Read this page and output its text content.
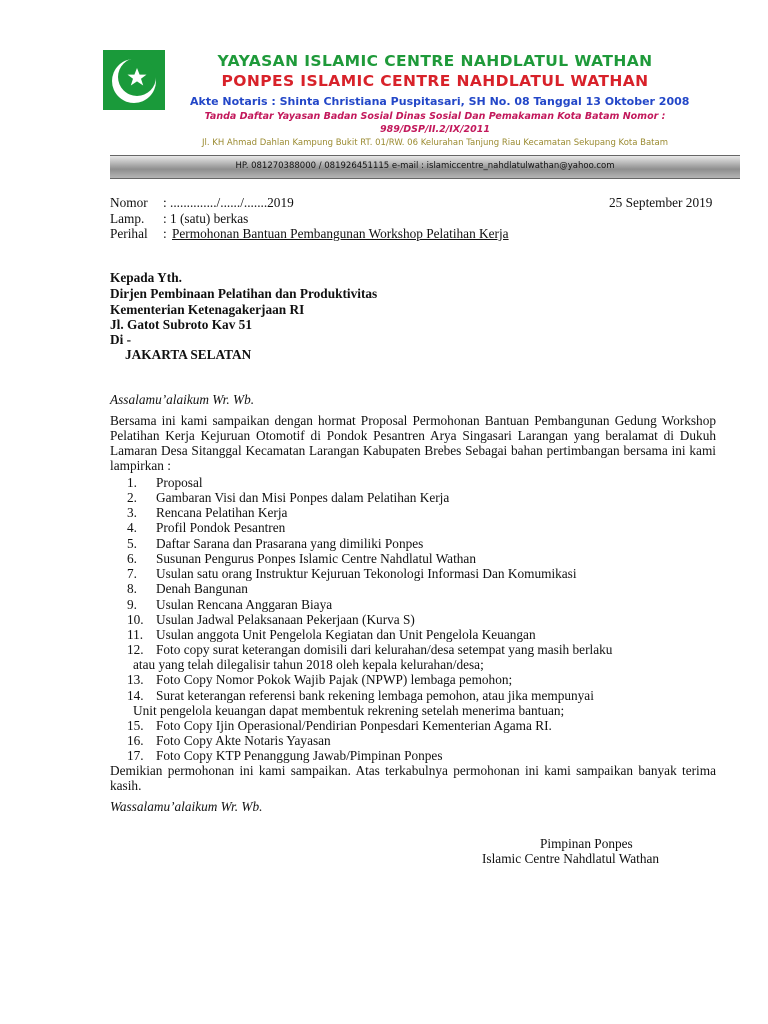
YAYASAN ISLAMIC CENTRE NAHDLATUL WATHAN
PONPES ISLAMIC CENTRE NAHDLATUL WATHAN
Akte Notaris : Shinta Christiana Puspitasari, SH No. 08 Tanggal 13 Oktober 2008
Tanda Daftar Yayasan Badan Sosial Dinas Sosial Dan Pemakaman Kota Batam Nomor :
989/DSP/II.2/IX/2011
Jl. KH Ahmad Dahlan Kampung Bukit RT. 01/RW. 06 Kelurahan Tanjung Riau Kecamatan Sekupang Kota Batam
HP. 081270388000 / 081926451115 e-mail : islamiccentre_nahdlatulwathan@yahoo.com
Nomor : ............../....../.......2019	25 September 2019
Lamp. : 1 (satu) berkas
Perihal : Permohonan Bantuan Pembangunan Workshop Pelatihan Kerja
Kepada Yth.
Dirjen Pembinaan Pelatihan dan Produktivitas
Kementerian Ketenagakerjaan RI
Jl. Gatot Subroto Kav 51
Di -
JAKARTA SELATAN
Assalamu’alaikum Wr. Wb.
Bersama ini kami sampaikan dengan hormat Proposal Permohonan Bantuan Pembangunan Gedung Workshop Pelatihan Kerja Kejuruan Otomotif di Pondok Pesantren Arya Singasari Larangan yang beralamat di Dukuh Lamaran Desa Sitanggal Kecamatan Larangan Kabupaten Brebes Sebagai bahan pertimbangan bersama ini kami lampirkan :
1. Proposal
2. Gambaran Visi dan Misi Ponpes dalam Pelatihan Kerja
3. Rencana Pelatihan Kerja
4. Profil Pondok Pesantren
5. Daftar Sarana dan Prasarana yang dimiliki Ponpes
6. Susunan Pengurus Ponpes Islamic Centre Nahdlatul Wathan
7. Usulan satu orang Instruktur Kejuruan Tekonologi Informasi Dan Komumikasi
8. Denah Bangunan
9. Usulan Rencana Anggaran Biaya
10. Usulan Jadwal Pelaksanaan Pekerjaan (Kurva S)
11. Usulan anggota Unit Pengelola Kegiatan dan Unit Pengelola Keuangan
12. Foto copy surat keterangan domisili dari kelurahan/desa setempat yang masih berlaku
atau yang telah dilegalisir tahun 2018 oleh kepala kelurahan/desa;
13. Foto Copy Nomor Pokok Wajib Pajak (NPWP) lembaga pemohon;
14. Surat keterangan referensi bank rekening lembaga pemohon, atau jika mempunyai
Unit pengelola keuangan dapat membentuk rekrening setelah menerima bantuan;
15. Foto Copy Ijin Operasional/Pendirian Ponpesdari Kementerian Agama RI.
16. Foto Copy Akte Notaris Yayasan
17. Foto Copy KTP Penanggung Jawab/Pimpinan Ponpes
Demikian permohonan ini kami sampaikan. Atas terkabulnya permohonan ini kami sampaikan banyak terima kasih.
Wassalamu’alaikum Wr. Wb.
Pimpinan Ponpes
Islamic Centre Nahdlatul Wathan
